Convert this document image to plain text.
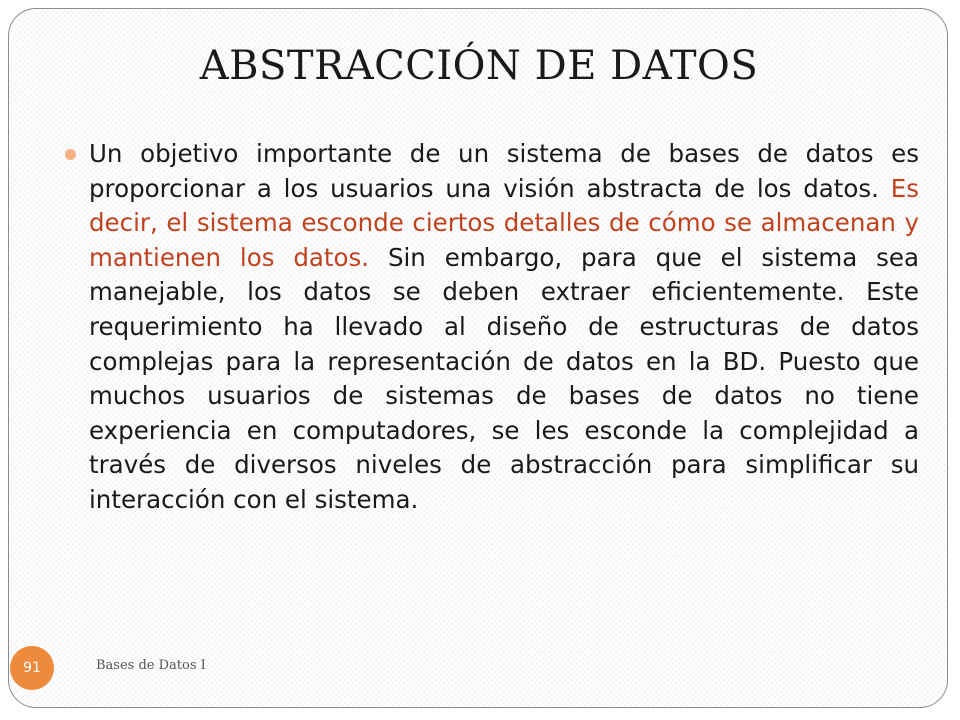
ABSTRACCIÓN DE DATOS

Un objetivo importante de un sistema de bases de datos es proporcionar a los usuarios una visión abstracta de los datos. Es decir, el sistema esconde ciertos detalles de cómo se almacenan y mantienen los datos. Sin embargo, para que el sistema sea manejable, los datos se deben extraer eficientemente. Este requerimiento ha llevado al diseño de estructuras de datos complejas para la representación de datos en la BD. Puesto que muchos usuarios de sistemas de bases de datos no tiene experiencia en computadores, se les esconde la complejidad a través de diversos niveles de abstracción para simplificar su interacción con el sistema.

91	Bases de Datos I
